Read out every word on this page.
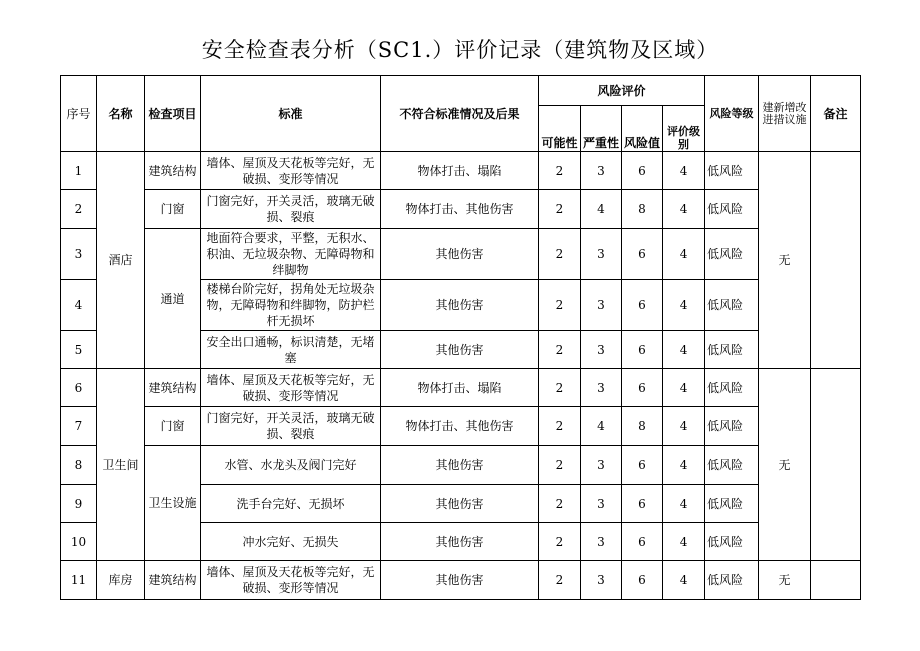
安全检查表分析（SC1.）评价记录（建筑物及区域）
序号	名称	检查项目	标准	不符合标准情况及后果	风险评价				风险等级	建新增改进措议施	备注
					可能性	严重性	风险值	评价级别			
1	酒店	建筑结构	墙体、屋顶及天花板等完好，无破损、变形等情况	物体打击、塌陷	2	3	6	4	低风险	无	
2		门窗	门窗完好，开关灵活，玻璃无破损、裂痕	物体打击、其他伤害	2	4	8	4	低风险		
3		通道	地面符合要求，平整，无积水、积油、无垃圾杂物、无障碍物和绊脚物	其他伤害	2	3	6	4	低风险		
4			楼梯台阶完好，拐角处无垃圾杂物，无障碍物和绊脚物，防护栏杆无损坏	其他伤害	2	3	6	4	低风险		
5			安全出口通畅，标识清楚，无堵塞	其他伤害	2	3	6	4	低风险		
6	卫生间	建筑结构	墙体、屋顶及天花板等完好，无破损、变形等情况	物体打击、塌陷	2	3	6	4	低风险	无	
7		门窗	门窗完好，开关灵活，玻璃无破损、裂痕	物体打击、其他伤害	2	4	8	4	低风险		
8		卫生设施	水管、水龙头及阀门完好	其他伤害	2	3	6	4	低风险		
9			洗手台完好、无损坏	其他伤害	2	3	6	4	低风险		
10			冲水完好、无损失	其他伤害	2	3	6	4	低风险		
11	库房	建筑结构	墙体、屋顶及天花板等完好，无破损、变形等情况	其他伤害	2	3	6	4	低风险	无	
